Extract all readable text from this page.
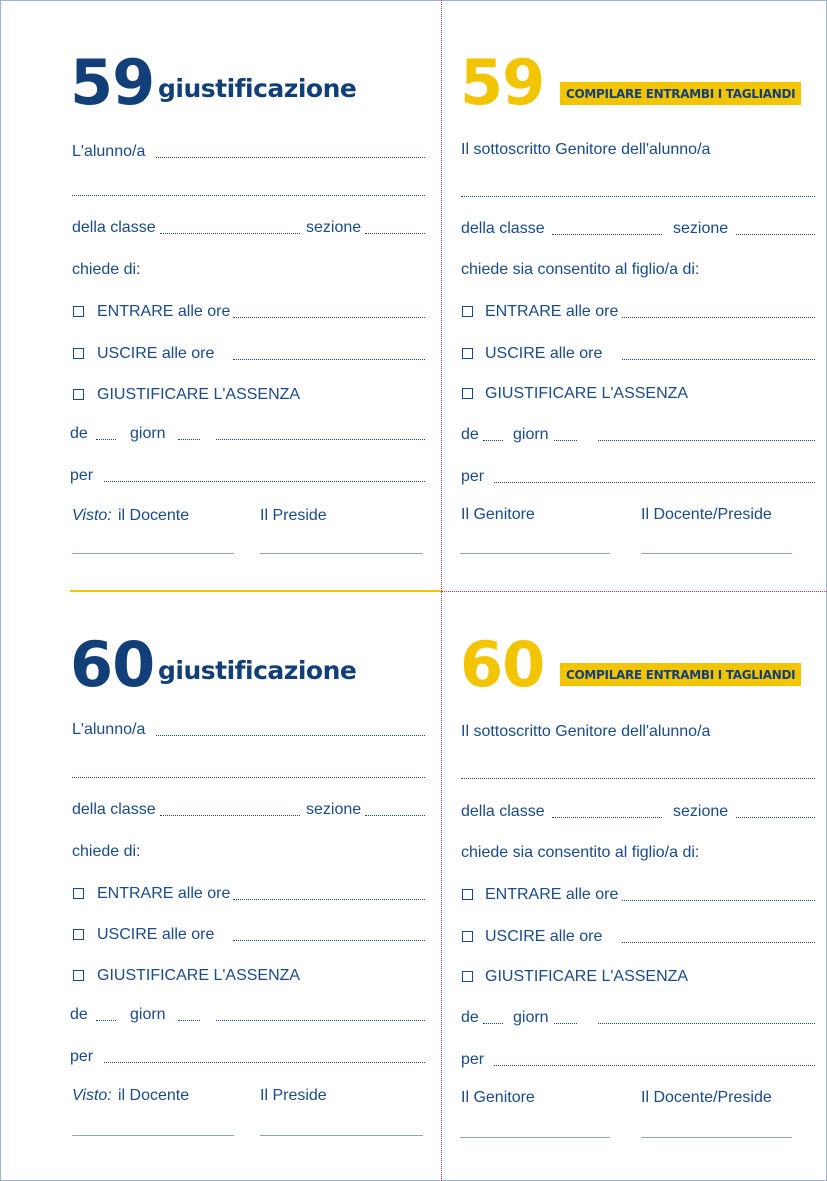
59 giustificazione
L'alunno/a
della classe	sezione
chiede di:
ENTRARE alle ore
USCIRE alle ore
GIUSTIFICARE L'ASSENZA
de	giorn
per
Visto: il Docente	Il Preside
59	COMPILARE ENTRAMBI I TAGLIANDI
Il sottoscritto Genitore dell'alunno/a
della classe	sezione
chiede sia consentito al figlio/a di:
ENTRARE alle ore
USCIRE alle ore
GIUSTIFICARE L'ASSENZA
de giorn
per
Il Genitore	Il Docente/Preside
60 giustificazione
L'alunno/a
della classe	sezione
chiede di:
ENTRARE alle ore
USCIRE alle ore
GIUSTIFICARE L'ASSENZA
de	giorn
per
Visto: il Docente	Il Preside
60	COMPILARE ENTRAMBI I TAGLIANDI
Il sottoscritto Genitore dell'alunno/a
della classe	sezione
chiede sia consentito al figlio/a di:
ENTRARE alle ore
USCIRE alle ore
GIUSTIFICARE L'ASSENZA
de giorn
per
Il Genitore	Il Docente/Preside
